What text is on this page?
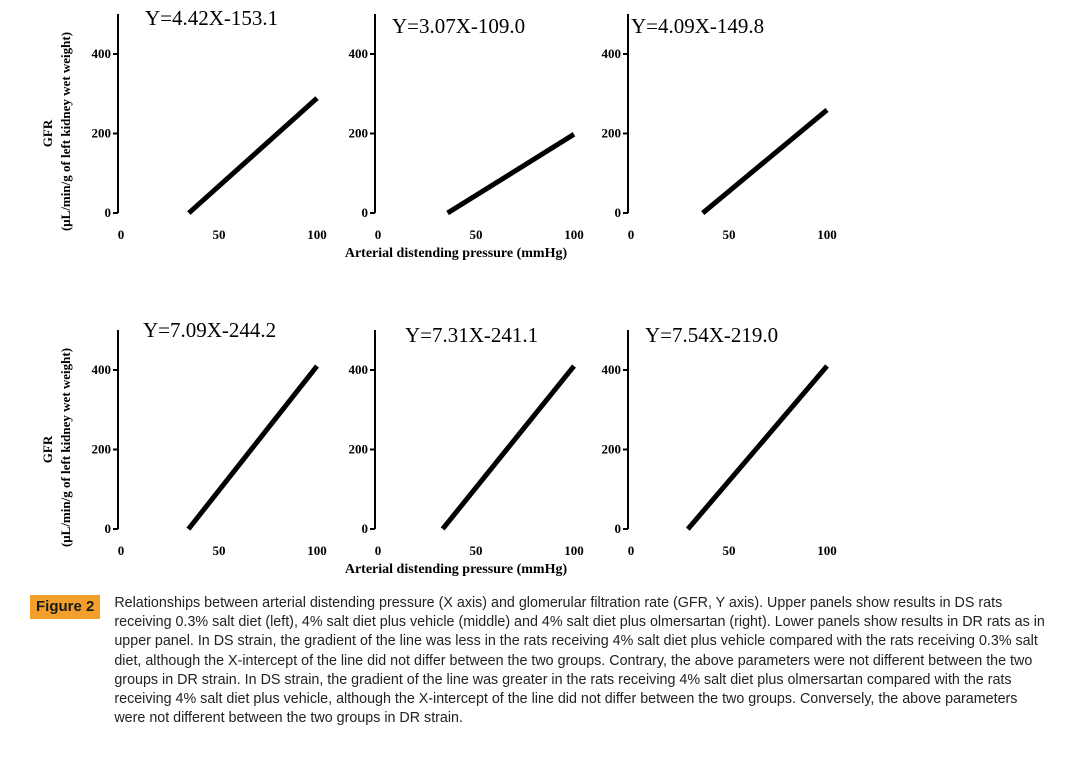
0
200
400
0	50	100
Y=4.42X-153.1
GFR (μL/min/g of left kidney wet weight)	0
200
400
0	50	100
Y=3.07X-109.0
Arterial distending pressure (mmHg)
0
200
400
0	50	100
Y=4.09X-149.8
0
200
400
0	50	100
Y=7.09X-244.2
GFR (μL/min/g of left kidney wet weight)	0
200
400
0	50	100
Y=7.31X-241.1
Arterial distending pressure (mmHg)
0
200
400
0	50	100
Y=7.54X-219.0
Figure 2	Relationships between arterial distending pressure (X axis) and glomerular filtration rate (GFR, Y axis). Upper panels show results in DS rats receiving 0.3% salt diet (left), 4% salt diet plus vehicle (middle) and 4% salt diet plus olmersartan (right). Lower panels show results in DR rats as in upper panel. In DS strain, the gradient of the line was less in the rats receiving 4% salt diet plus vehicle compared with the rats receiving 0.3% salt diet, although the X-intercept of the line did not differ between the two groups. Contrary, the above parameters were not different between the two groups in DR strain. In DS strain, the gradient of the line was greater in the rats receiving 4% salt diet plus olmersartan compared with the rats receiving 4% salt diet plus vehicle, although the X-intercept of the line did not differ between the two groups. Conversely, the above parameters were not different between the two groups in DR strain.
